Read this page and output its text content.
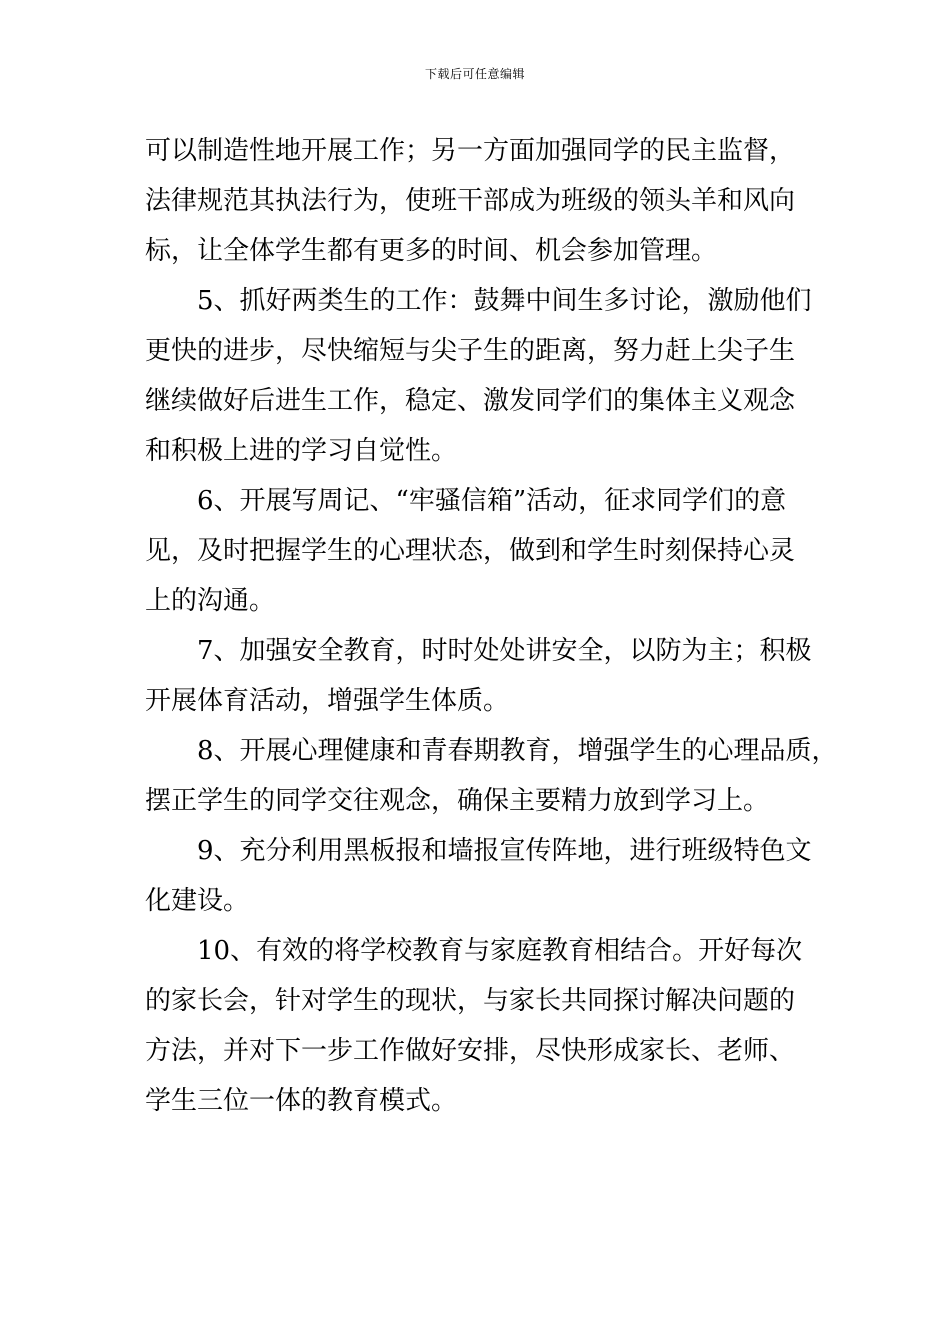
下载后可任意编辑

可以制造性地开展工作；另一方面加强同学的民主监督，
法律规范其执法行为，使班干部成为班级的领头羊和风向
标，让全体学生都有更多的时间、机会参加管理。

5、抓好两类生的工作：鼓舞中间生多讨论，激励他们
更快的进步，尽快缩短与尖子生的距离，努力赶上尖子生
继续做好后进生工作，稳定、激发同学们的集体主义观念
和积极上进的学习自觉性。

6、开展写周记、“牢骚信箱”活动，征求同学们的意
见，及时把握学生的心理状态，做到和学生时刻保持心灵
上的沟通。

7、加强安全教育，时时处处讲安全，以防为主；积极
开展体育活动，增强学生体质。

8、开展心理健康和青春期教育，增强学生的心理品质，
摆正学生的同学交往观念，确保主要精力放到学习上。

9、充分利用黑板报和墙报宣传阵地，进行班级特色文
化建设。

10、有效的将学校教育与家庭教育相结合。开好每次
的家长会，针对学生的现状，与家长共同探讨解决问题的
方法，并对下一步工作做好安排，尽快形成家长、老师、
学生三位一体的教育模式。
